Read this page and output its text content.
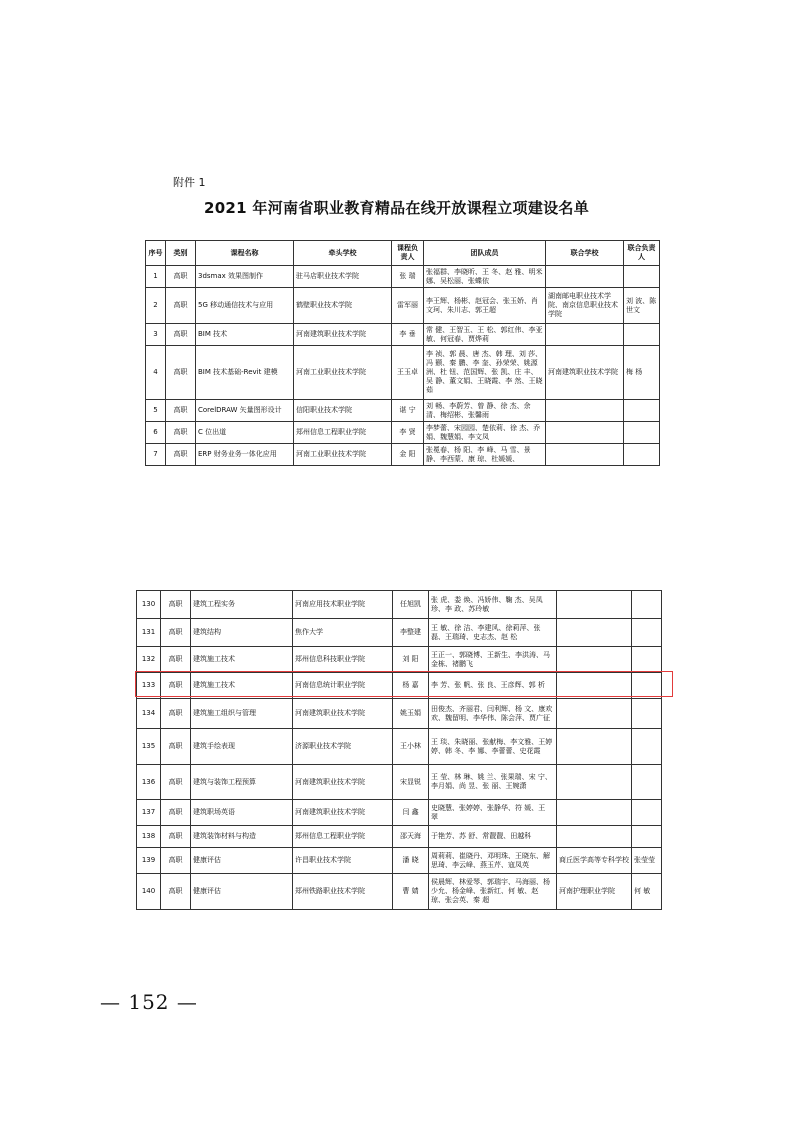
附件 1
2021 年河南省职业教育精品在线开放课程立项建设名单
序号	类别	课程名称	牵头学校	课程负责人	团队成员	联合学校	联合负责人
1	高职	3dsmax 效果图制作	驻马店职业技术学院	张 瑞	张福群、李晓昕、王 冬、赵 雅、明米娜、吴松丽、张蝶依		
2	高职	5G 移动通信技术与应用	鹤壁职业技术学院	雷军丽	李王辉、杨彬、赵冠会、张玉娇、肖文珂、朱川志、郭王超	湖南邮电职业技术学院、南京信息职业技术学院	刘 波、陈世文
3	高职	BIM 技术	河南建筑职业技术学院	李 垂	常 健、王智玉、王 松、郭红伟、李亚敏、何冠春、贾烨莉		
4	高职	BIM 技术基础-Revit 建模	河南工业职业技术学院	王玉卓	李 祯、郭 晨、唐 杰、韩 理、刘 莎、冯 颢、秦 鹏、李 奎、孙荣荣、姚源洲、杜 钮、范国辉、张 凯、庄 丰、吴 静、董文娟、王晓霞、李 然、王晓茹	河南建筑职业技术学院	梅 杨
5	高职	CorelDRAW 矢量图形设计	信阳职业技术学院	谌 宁	刘 畅、李蔚芳、曾 静、徐 杰、余 清、梅绍彬、张馨雨		
6	高职	C 位出道	郑州信息工程职业学院	李 贤	李梦蕾、宋园园、楚依莉、徐 杰、乔 娟、魏慧娟、李文凤		
7	高职	ERP 财务业务一体化应用	河南工业职业技术学院	金 阳	张冕春、杨 阳、李 峰、马 雪、景 静、李西蒙、康 琼、杜媛媛、		
130	高职	建筑工程实务	河南应用技术职业学院	任旭凯	张 虎、娄 焕、冯娇伟、鞠 杰、吴凤珍、李 政、苏玲敏		
131	高职	建筑结构	焦作大学	李整建	王 敏、徐 洁、李建风、徐莉萍、张 磊、王瑞琦、史志杰、赵 松		
132	高职	建筑施工技术	郑州信息科技职业学院	刘 阳	王正一、郭晓博、王新生、李洪涛、马金栋、褚鹏飞		
133	高职	建筑施工技术	河南信息统计职业学院	杨 嘉	李 芳、张 帆、张 良、王彦辉、郭 析		
134	高职	建筑施工组织与管理	河南建筑职业技术学院	姚玉娟	田俊杰、齐丽君、闫利辉、杨 文、康欢欢、魏留明、李华伟、陈会萍、贾广征		
135	高职	建筑手绘表现	济源职业技术学院	王小林	王 琰、朱晓丽、张献梅、李文雅、王婷婷、韩 冬、李 娜、李蕾蕾、史花霞		
136	高职	建筑与装饰工程预算	河南建筑职业技术学院	宋显锐	王 莹、林 琳、姚 兰、张果瑞、宋 宁、李月娟、尚 昱、张 丽、王婉潇		
137	高职	建筑职场英语	河南建筑职业技术学院	闫 鑫	史晓慧、张婷婷、张静华、符 媛、王 翠		
138	高职	建筑装饰材料与构造	郑州信息工程职业学院	邵天海	于艳芳、苏 舒、常靓靓、田越科		
139	高职	健康评估	许昌职业技术学院	潘 晓	周莉莉、崔晓丹、邓明珠、王晓东、解思琦、李云峰、燕玉芹、寇凤英	商丘医学高等专科学校	张莹莹
140	高职	健康评估	郑州铁路职业技术学院	曹 婧	侯晨辉、林爱琴、郭瑞宇、马海丽、杨少允、杨金峰、张新红、何 敏、赵 琼、张会英、秦 超	河南护理职业学院	何 敏
— 152 —
